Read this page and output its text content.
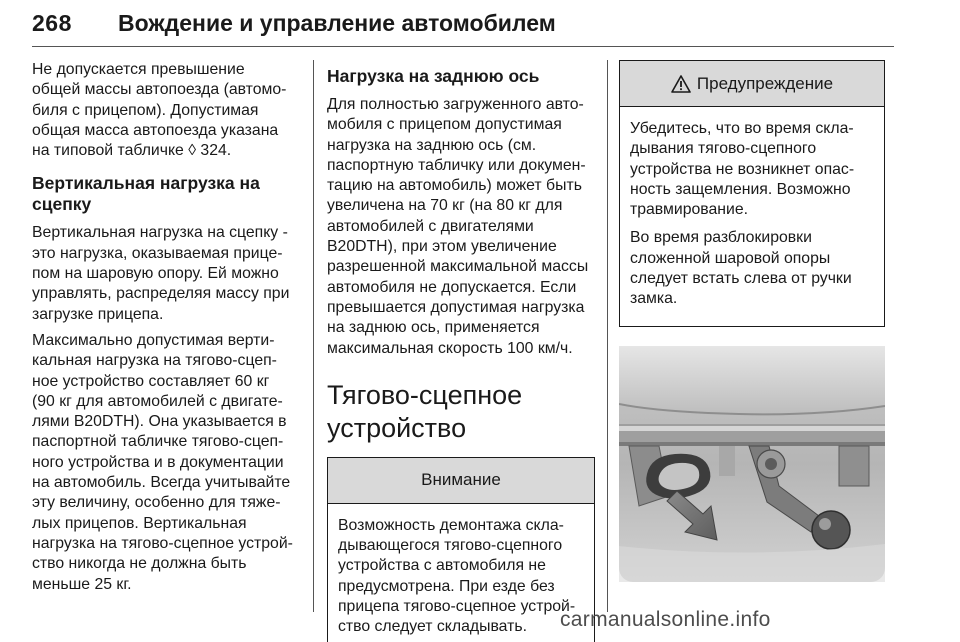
268 Вождение и управление автомобилем

Не допускается превышение
общей массы автопоезда (автомо-
биля с прицепом). Допустимая
общая масса автопоезда указана
на типовой табличке ◊ 324.

Вертикальная нагрузка на
сцепку

Вертикальная нагрузка на сцепку -
это нагрузка, оказываемая прице-
пом на шаровую опору. Ей можно
управлять, распределяя массу при
загрузке прицепа.

Максимально допустимая верти-
кальная нагрузка на тягово-сцеп-
ное устройство составляет 60 кг
(90 кг для автомобилей с двигате-
лями B20DTH). Она указывается в
паспортной табличке тягово-сцеп-
ного устройства и в документации
на автомобиль. Всегда учитывайте
эту величину, особенно для тяже-
лых прицепов. Вертикальная
нагрузка на тягово-сцепное устрой-
ство никогда не должна быть
меньше 25 кг.

Нагрузка на заднюю ось

Для полностью загруженного авто-
мобиля с прицепом допустимая
нагрузка на заднюю ось (см.
паспортную табличку или докумен-
тацию на автомобиль) может быть
увеличена на 70 кг (на 80 кг для
автомобилей с двигателями
B20DTH), при этом увеличение
разрешенной максимальной массы
автомобиля не допускается. Если
превышается допустимая нагрузка
на заднюю ось, применяется
максимальная скорость 100 км/ч.

Тягово-сцепное
устройство
Внимание

Возможность демонтажа скла-
дывающегося тягово-сцепного
устройства с автомобиля не
предусмотрена. При езде без
прицепа тягово-сцепное устрой-
ство следует складывать.

Предупреждение

Убедитесь, что во время скла-
дывания тягово-сцепного
устройства не возникнет опас-
ность защемления. Возможно
травмирование.

Во время разблокировки
сложенной шаровой опоры
следует встать слева от ручки
замка.

carmanualsonline.info
